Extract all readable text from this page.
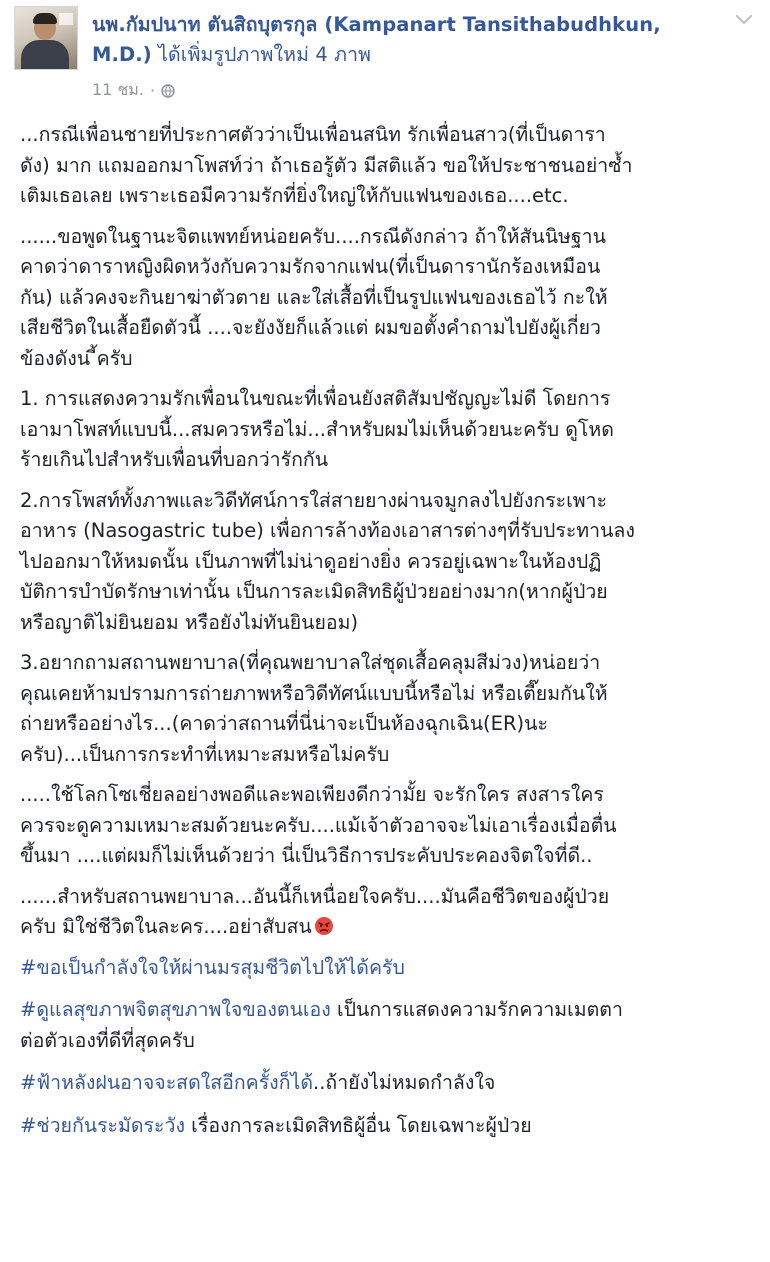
นพ.กัมปนาท ตันสิถบุตรกุล (Kampanart Tansithabudhkun, M.D.) ได้เพิ่มรูปภาพใหม่ 4 ภาพ
11 ชม. ·

...กรณีเพื่อนชายที่ประกาศตัวว่าเป็นเพื่อนสนิท รักเพื่อนสาว(ที่เป็นดารา
ดัง) มาก แถมออกมาโพสท์ว่า ถ้าเธอรู้ตัว มีสติแล้ว ขอให้ประชาชนอย่าซ้ำ
เติมเธอเลย เพราะเธอมีความรักที่ยิ่งใหญ่ให้กับแฟนของเธอ....etc.

......ขอพูดในฐานะจิตแพทย์หน่อยครับ....กรณีดังกล่าว ถ้าให้สันนิษฐาน
คาดว่าดาราหญิงผิดหวังกับความรักจากแฟน(ที่เป็นดารานักร้องเหมือน
กัน) แล้วคงจะกินยาฆ่าตัวตาย และใส่เสื้อที่เป็นรูปแฟนของเธอไว้ กะให้
เสียชีวิตในเสื้อยืดตัวนี้ ....จะยังงัยก็แล้วแต่ ผมขอตั้งคำถามไปยังผู้เกี่ยว
ข้องดังน ี้ครับ

1. การแสดงความรักเพื่อนในขณะที่เพื่อนยังสติสัมปชัญญะไม่ดี โดยการ
เอามาโพสท์แบบนี้...สมควรหรือไม่...สำหรับผมไม่เห็นด้วยนะครับ ดูโหด
ร้ายเกินไปสำหรับเพื่อนที่บอกว่ารักกัน

2.การโพสท์ทั้งภาพและวิดีทัศน์การใส่สายยางผ่านจมูกลงไปยังกระเพาะ
อาหาร (Nasogastric tube) เพื่อการล้างท้องเอาสารต่างๆที่รับประทานลง
ไปออกมาให้หมดนั้น เป็นภาพที่ไม่น่าดูอย่างยิ่ง ควรอยู่เฉพาะในห้องปฏิ
บัติการบำบัดรักษาเท่านั้น เป็นการละเมิดสิทธิผู้ป่วยอย่างมาก(หากผู้ป่วย
หรือญาติไม่ยินยอม หรือยังไม่ทันยินยอม)

3.อยากถามสถานพยาบาล(ที่คุณพยาบาลใส่ชุดเสื้อคลุมสีม่วง)หน่อยว่า
คุณเคยห้ามปรามการถ่ายภาพหรือวิดีทัศน์แบบนี้หรือไม่ หรือเตี๊ยมกันให้
ถ่ายหรืออย่างไร...(คาดว่าสถานที่นี่น่าจะเป็นห้องฉุกเฉิน(ER)นะ
ครับ)...เป็นการกระทำที่เหมาะสมหรือไม่ครับ

.....ใช้โลกโซเชี่ยลอย่างพอดีและพอเพียงดีกว่ามั้ย จะรักใคร สงสารใคร
ควรจะดูความเหมาะสมด้วยนะครับ....แม้เจ้าตัวอาจจะไม่เอาเรื่องเมื่อตื่น
ขึ้นมา ....แต่ผมก็ไม่เห็นด้วยว่า นี่เป็นวิธีการประคับประคองจิตใจที่ดี..

......สำหรับสถานพยาบาล...อันนี้ก็เหนื่อยใจครับ....มันคือชีวิตของผู้ป่วย
ครับ มิใช่ชีวิตในละคร....อย่าสับสน

#ขอเป็นกำลังใจให้ผ่านมรสุมชีวิตไปให้ได้ครับ

#ดูแลสุขภาพจิตสุขภาพใจของตนเอง เป็นการแสดงความรักความเมตตา
ต่อตัวเองที่ดีที่สุดครับ

#ฟ้าหลังฝนอาจจะสดใสอีกครั้งก็ได้..ถ้ายังไม่หมดกำลังใจ

#ช่วยกันระมัดระวัง เรื่องการละเมิดสิทธิผู้อื่น โดยเฉพาะผู้ป่วย
